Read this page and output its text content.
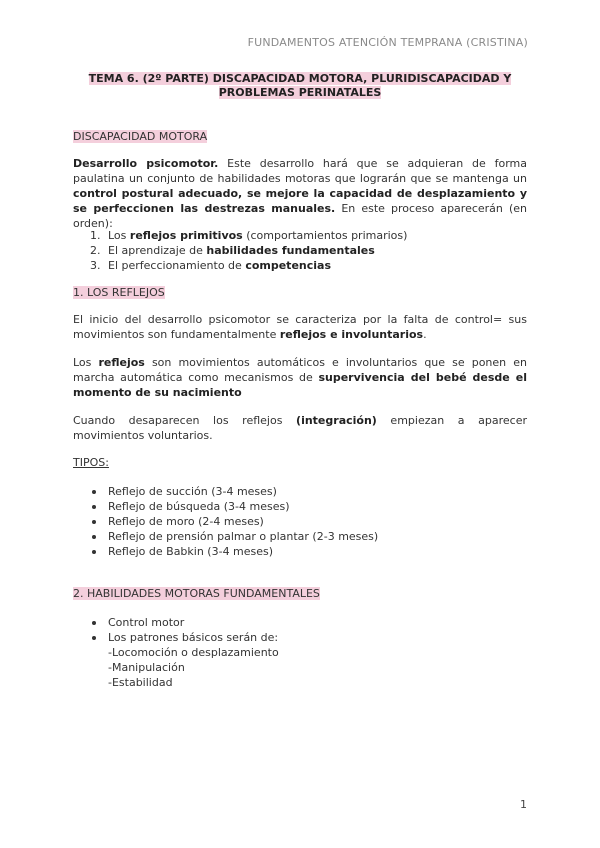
FUNDAMENTOS ATENCIÓN TEMPRANA (CRISTINA)
TEMA 6. (2º PARTE) DISCAPACIDAD MOTORA, PLURIDISCAPACIDAD Y
PROBLEMAS PERINATALES
DISCAPACIDAD MOTORA
Desarrollo psicomotor. Este desarrollo hará que se adquieran de forma paulatina un conjunto de habilidades motoras que lograrán que se mantenga un control postural adecuado, se mejore la capacidad de desplazamiento y se perfeccionen las destrezas manuales. En este proceso aparecerán (en orden):
1. Los reflejos primitivos (comportamientos primarios)
2. El aprendizaje de habilidades fundamentales
3. El perfeccionamiento de competencias
1. LOS REFLEJOS
El inicio del desarrollo psicomotor se caracteriza por la falta de control= sus movimientos son fundamentalmente reflejos e involuntarios.
Los reflejos son movimientos automáticos e involuntarios que se ponen en marcha automática como mecanismos de supervivencia del bebé desde el momento de su nacimiento
Cuando desaparecen los reflejos (integración) empiezan a aparecer movimientos voluntarios.
TIPOS:
Reflejo de succión (3-4 meses)
Reflejo de búsqueda (3-4 meses)
Reflejo de moro (2-4 meses)
Reflejo de prensión palmar o plantar (2-3 meses)
Reflejo de Babkin (3-4 meses)
2. HABILIDADES MOTORAS FUNDAMENTALES
Control motor
Los patrones básicos serán de:
-Locomoción o desplazamiento
-Manipulación
-Estabilidad
1
